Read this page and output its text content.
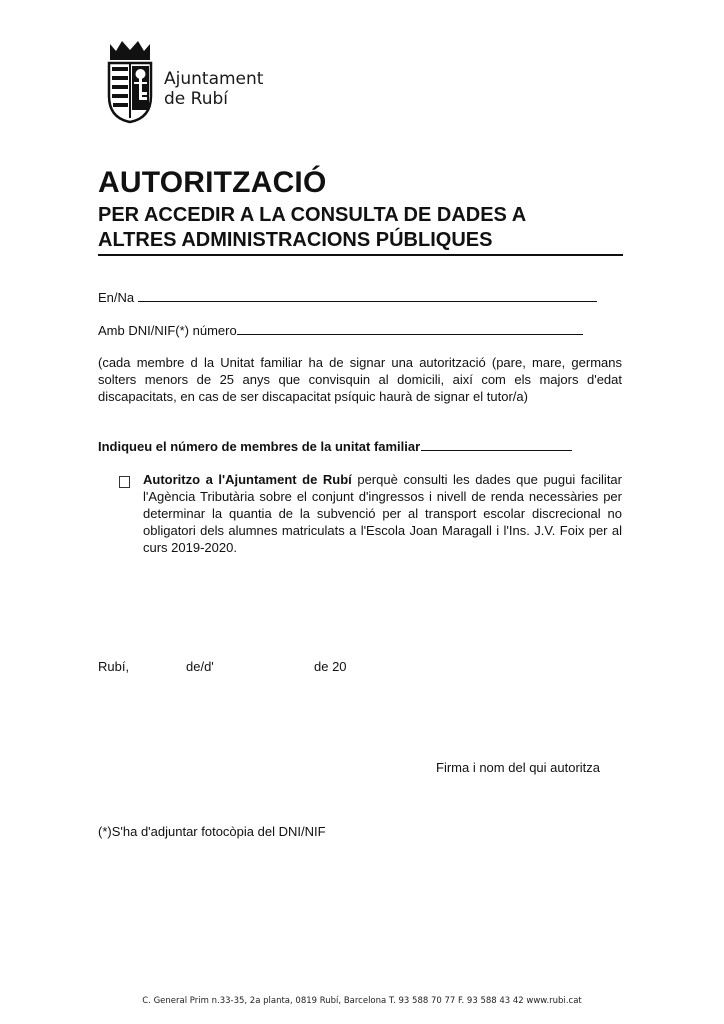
Ajuntament
de Rubí
AUTORITZACIÓ
PER ACCEDIR A LA CONSULTA DE DADES A
ALTRES ADMINISTRACIONS PÚBLIQUES
En/Na
Amb DNI/NIF(*) número
(cada membre d la Unitat familiar ha de signar una autorització (pare, mare, germans solters menors de 25 anys que convisquin al domicili, així com els majors d'edat discapacitats, en cas de ser discapacitat psíquic haurà de signar el tutor/a)
Indiqueu el número de membres de la unitat familiar
Autoritzo a l'Ajuntament de Rubí perquè consulti les dades que pugui facilitar l'Agència Tributària sobre el conjunt d'ingressos i nivell de renda necessàries per determinar la quantia de la subvenció per al transport escolar discrecional no obligatori dels alumnes matriculats a l'Escola Joan Maragall i l'Ins. J.V. Foix per al curs 2019-2020.
Rubí,	de/d'	de 20
Firma i nom del qui autoritza
(*)S'ha d'adjuntar fotocòpia del DNI/NIF
C. General Prim n.33-35, 2a planta, 0819 Rubí, Barcelona T. 93 588 70 77 F. 93 588 43 42 www.rubi.cat
